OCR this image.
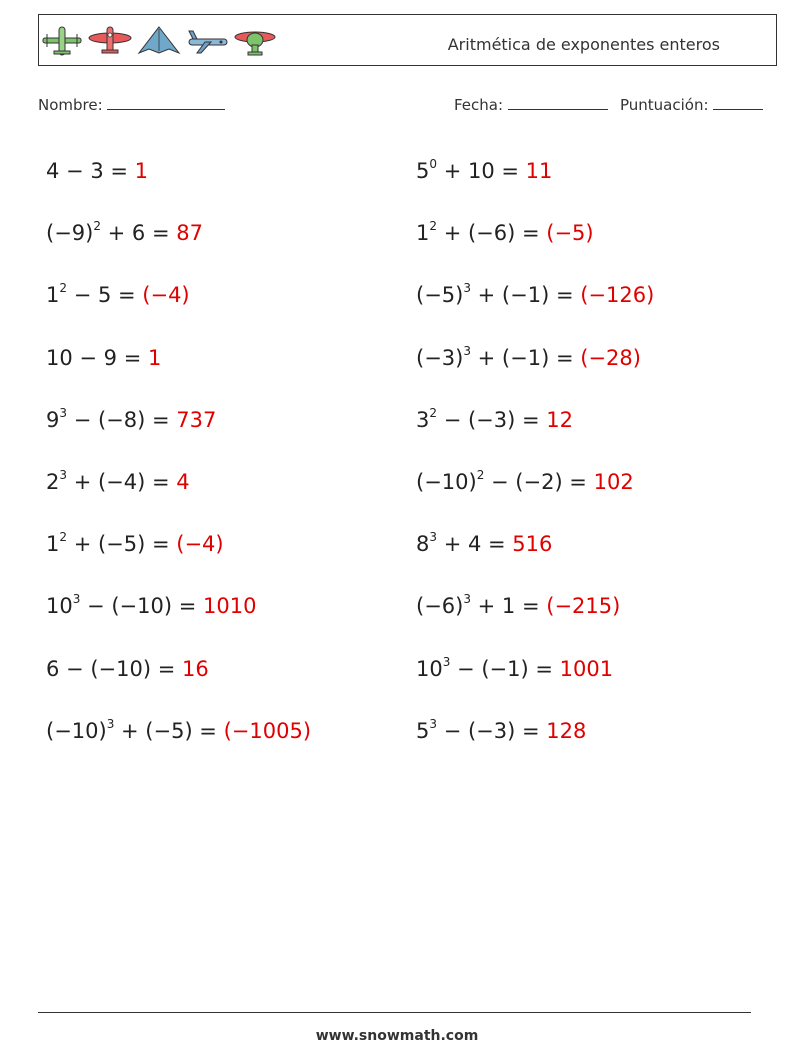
Aritmética de exponentes enteros
Nombre:	Fecha:	Puntuación:
4 − 3 = 1	$5^0 + 10 = 11$
$(-9)^2 + 6 = 87$	$1^2 + (-6) = (-5)$
$1^2 - 5 = (-4)$	$(-5)^3 + (-1) = (-126)$
10 − 9 = 1	$(-3)^3 + (-1) = (-28)$
$9^3 - (-8) = 737$	$3^2 - (-3) = 12$
$2^3 + (-4) = 4$	$(-10)^2 - (-2) = 102$
$1^2 + (-5) = (-4)$	$8^3 + 4 = 516$
$10^3 - (-10) = 1010$	$(-6)^3 + 1 = (-215)$
6 − (−10) = 16	$10^3 - (-1) = 1001$
$(-10)^3 + (-5) = (-1005)$	$5^3 - (-3) = 128$
www.snowmath.com
